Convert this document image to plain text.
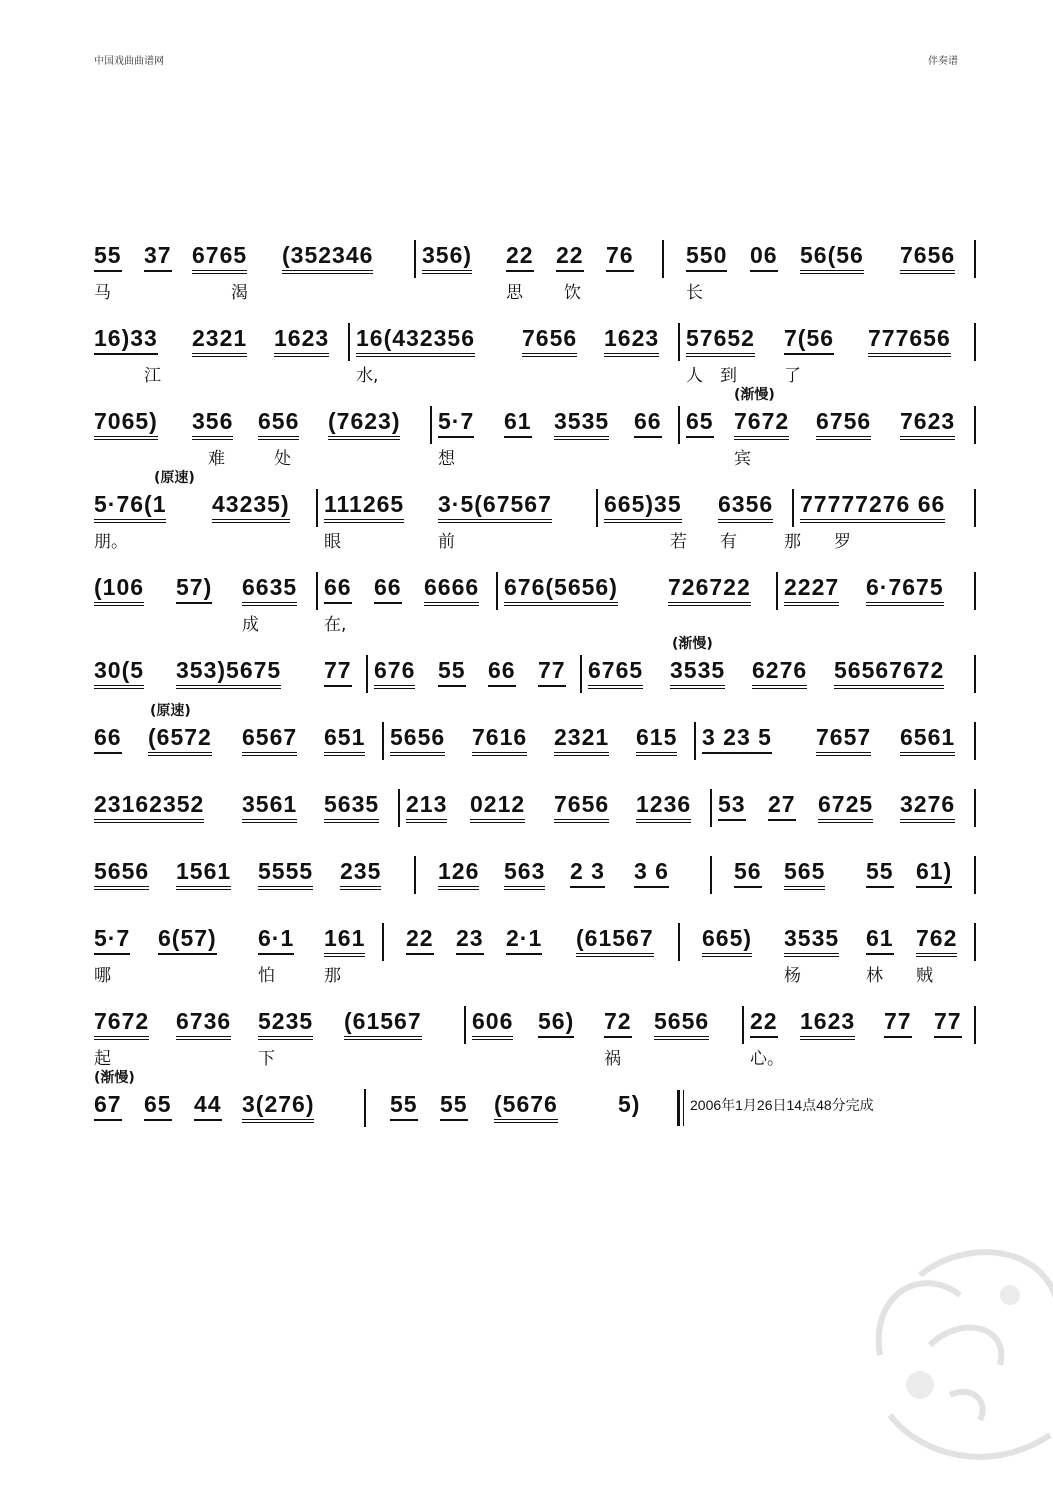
中国戏曲曲谱网	伴奏谱
55 37 6765 (352346 356) 22 22 76 550 06 56(56 7656
马	渴	思 饮	长
16)33 2321 1623 16(432356 7656 1623 57652 7(56 777656
江	水,	人 到	了
(渐慢)
7065) 356 656 (7623) 5·7 61 3535 66 65 7672 6756 7623
难	处	想	宾
(原速)
5·76(1 43235) 111265 3·5(67567 665)35 6356 77777276 66
朋。	眼	前	若 有	那 罗
(106 57) 6635 66 66 6666 676(5656) 726722 2227 6·7675
成	在,
(渐慢)
30(5 353)5675 77 676 55 66 77 6765 3535 6276 56567672
(原速)
66 (6572 6567 651 5656 7616 2321 615 3 23 5 7657 6561
23162352 3561 5635 213 0212 7656 1236 53 27 6725 3276
5656 1561 5555 235 126 563 2 3 3 6	56 565 55 61)
5·7 6(57) 6·1 161 22 23 2·1 (61567 665) 3535 61 762
哪	怕	那	杨	林 贼
7672 6736 5235 (61567 606 56) 72 5656 22 1623 77 77
起	下	祸	心。
(渐慢)
67 65 44 3(276)	55 55 (5676	5)	2006年1月26日14点48分完成
